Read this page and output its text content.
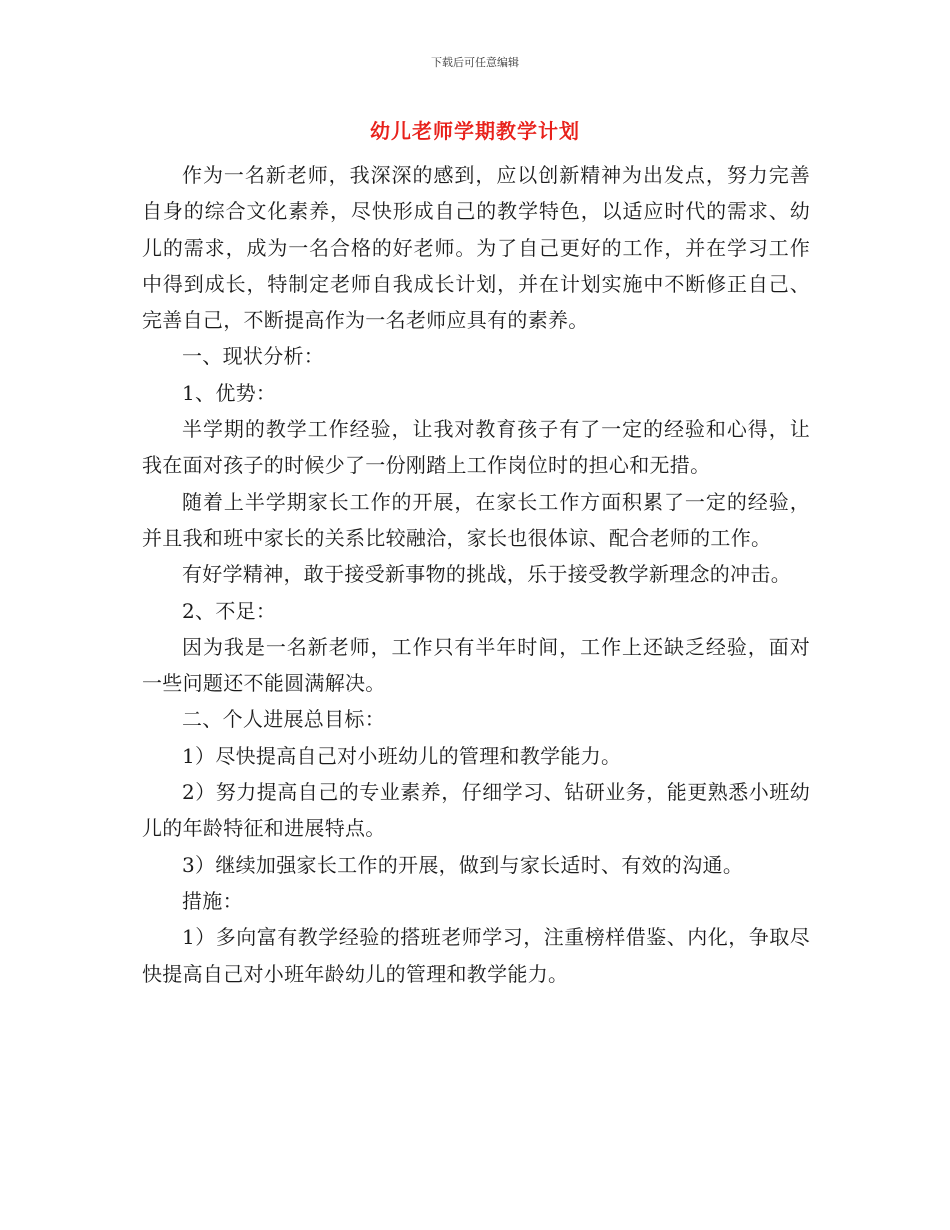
下载后可任意编辑
幼儿老师学期教学计划

作为一名新老师，我深深的感到，应以创新精神为出发点，努力完善自身的综合文化素养，尽快形成自己的教学特色，以适应时代的需求、幼儿的需求，成为一名合格的好老师。为了自己更好的工作，并在学习工作中得到成长，特制定老师自我成长计划，并在计划实施中不断修正自己、完善自己，不断提高作为一名老师应具有的素养。

一、现状分析：

1、优势：

半学期的教学工作经验，让我对教育孩子有了一定的经验和心得，让我在面对孩子的时候少了一份刚踏上工作岗位时的担心和无措。

随着上半学期家长工作的开展，在家长工作方面积累了一定的经验，并且我和班中家长的关系比较融洽，家长也很体谅、配合老师的工作。

有好学精神，敢于接受新事物的挑战，乐于接受教学新理念的冲击。

2、不足：

因为我是一名新老师，工作只有半年时间，工作上还缺乏经验，面对一些问题还不能圆满解决。

二、个人进展总目标：

1）尽快提高自己对小班幼儿的管理和教学能力。

2）努力提高自己的专业素养，仔细学习、钻研业务，能更熟悉小班幼儿的年龄特征和进展特点。

3）继续加强家长工作的开展，做到与家长适时、有效的沟通。

措施：

1）多向富有教学经验的搭班老师学习，注重榜样借鉴、内化，争取尽快提高自己对小班年龄幼儿的管理和教学能力。
